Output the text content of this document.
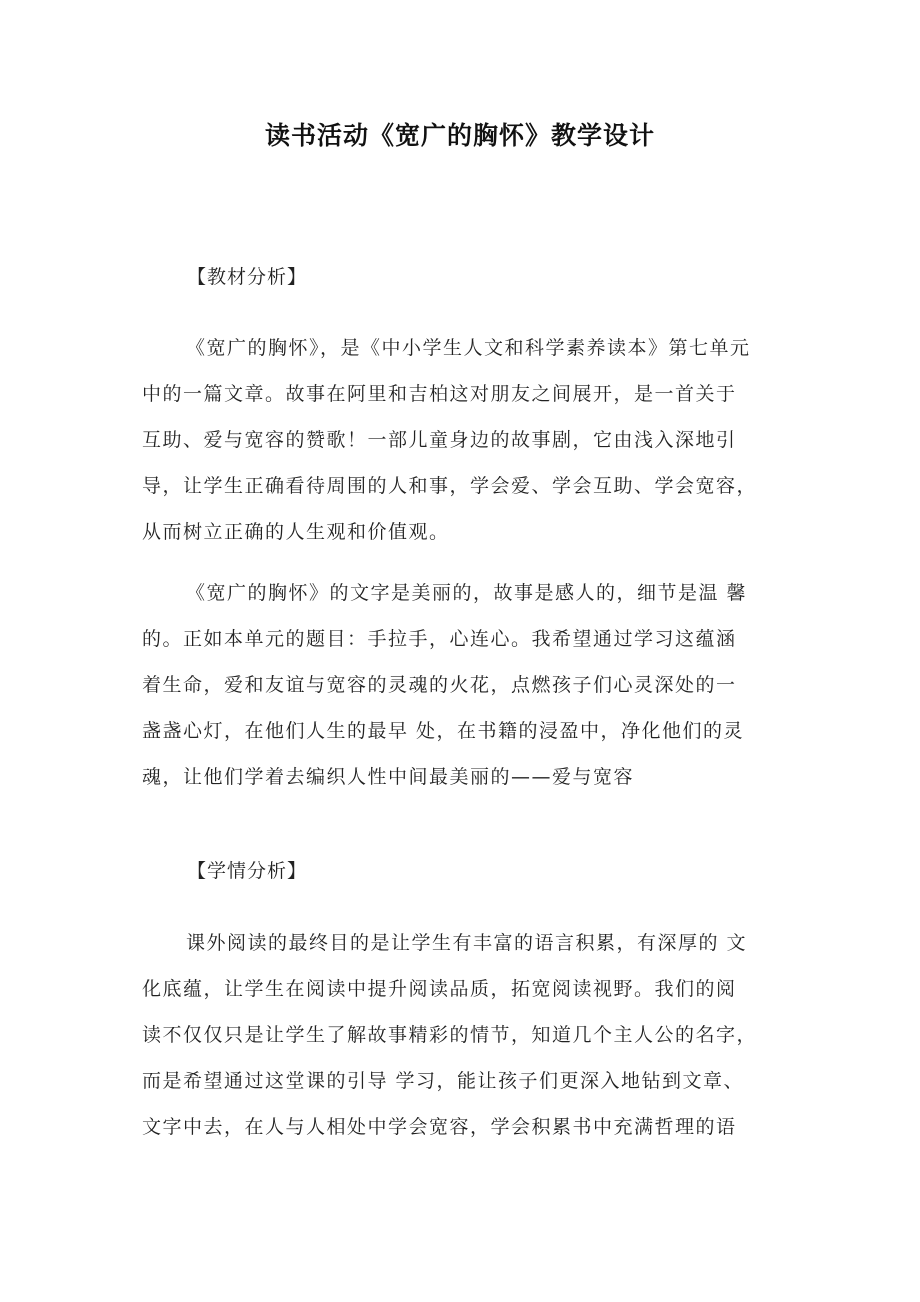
读书活动《宽广的胸怀》教学设计
【教材分析】
《宽广的胸怀》，是《中小学生人文和科学素养读本》第七单元
中的一篇文章。故事在阿里和吉柏这对朋友之间展开，是一首关于
互助、爱与宽容的赞歌！一部儿童身边的故事剧，它由浅入深地引
导，让学生正确看待周围的人和事，学会爱、学会互助、学会宽容，
从而树立正确的人生观和价值观。
《宽广的胸怀》的文字是美丽的，故事是感人的，细节是温 馨
的。正如本单元的题目：手拉手，心连心。我希望通过学习这蕴涵
着生命，爱和友谊与宽容的灵魂的火花，点燃孩子们心灵深处的一
盏盏心灯，在他们人生的最早 处，在书籍的浸盈中，净化他们的灵
魂，让他们学着去编织人性中间最美丽的——爱与宽容
【学情分析】
课外阅读的最终目的是让学生有丰富的语言积累，有深厚的 文
化底蕴，让学生在阅读中提升阅读品质，拓宽阅读视野。我们的阅
读不仅仅只是让学生了解故事精彩的情节，知道几个主人公的名字，
而是希望通过这堂课的引导 学习，能让孩子们更深入地钻到文章、
文字中去，在人与人相处中学会宽容，学会积累书中充满哲理的语
